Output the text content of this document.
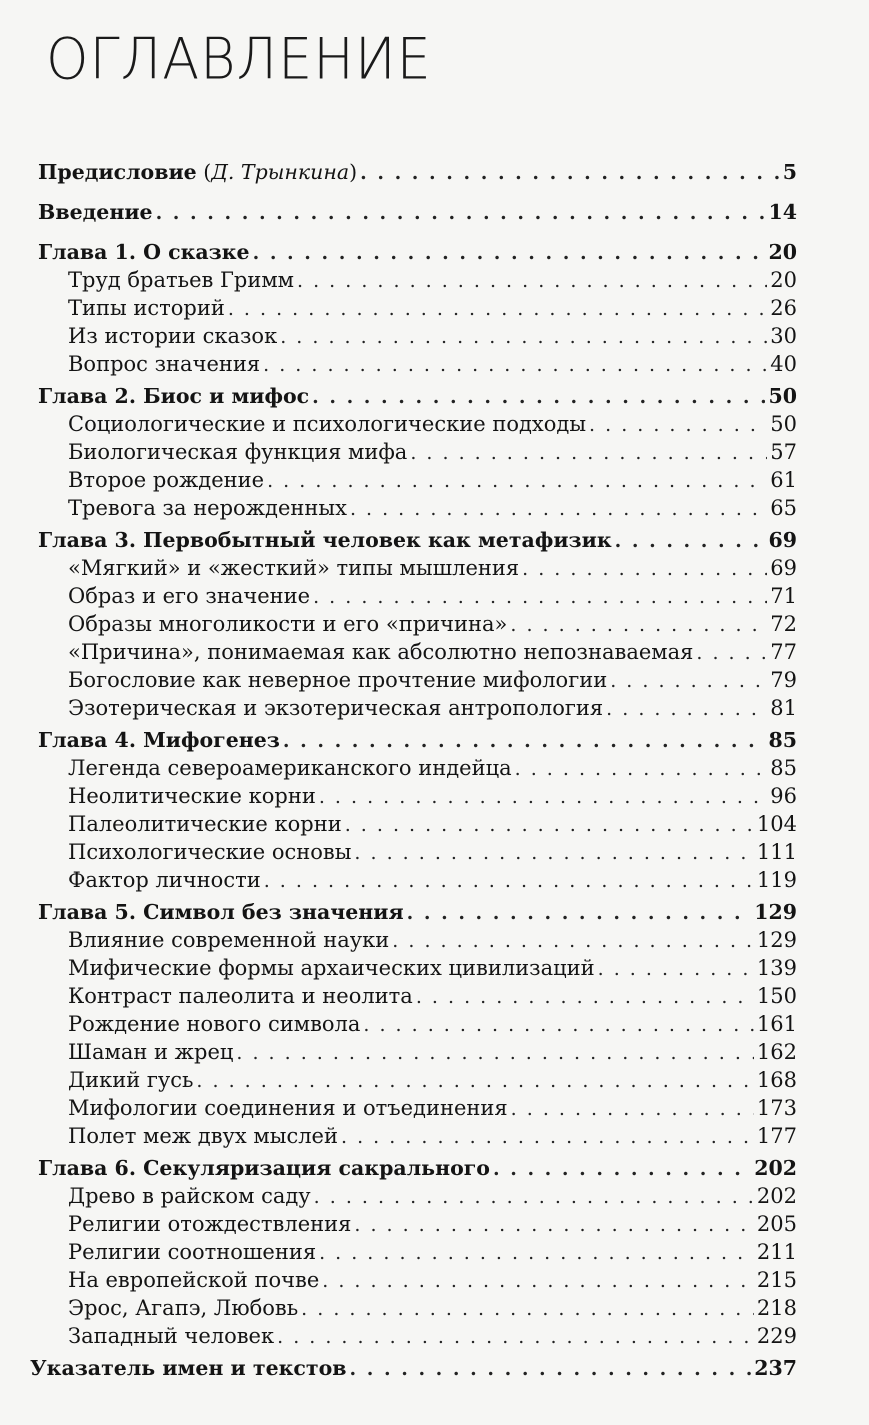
ОГЛАВЛЕНИЕ
Предисловие (Д. Трынкина) . . .	5
Введение . . .	14
Глава 1. О сказке . . .	20
Труд братьев Гримм . . .	20
Типы историй . . .	26
Из истории сказок . . .	30
Вопрос значения . . .	40
Глава 2. Биос и мифос . . .	50
Социологические и психологические подходы . . .	50
Биологическая функция мифа . . .	57
Второе рождение . . .	61
Тревога за нерожденных . . .	65
Глава 3. Первобытный человек как метафизик . . .	69
«Мягкий» и «жесткий» типы мышления . . .	69
Образ и его значение . . .	71
Образы многоликости и его «причина» . . .	72
«Причина», понимаемая как абсолютно непознаваемая . . .	77
Богословие как неверное прочтение мифологии . . .	79
Эзотерическая и экзотерическая антропология . . .	81
Глава 4. Мифогенез . . .	85
Легенда североамериканского индейца . . .	85
Неолитические корни . . .	96
Палеолитические корни . . .	104
Психологические основы . . .	111
Фактор личности . . .	119
Глава 5. Символ без значения . . .	129
Влияние современной науки . . .	129
Мифические формы архаических цивилизаций . . .	139
Контраст палеолита и неолита . . .	150
Рождение нового символа . . .	161
Шаман и жрец . . .	162
Дикий гусь . . .	168
Мифологии соединения и отъединения . . .	173
Полет меж двух мыслей . . .	177
Глава 6. Секуляризация сакрального . . .	202
Древо в райском саду . . .	202
Религии отождествления . . .	205
Религии соотношения . . .	211
На европейской почве . . .	215
Эрос, Агапэ, Любовь . . .	218
Западный человек . . .	229
Указатель имен и текстов . . .	237
